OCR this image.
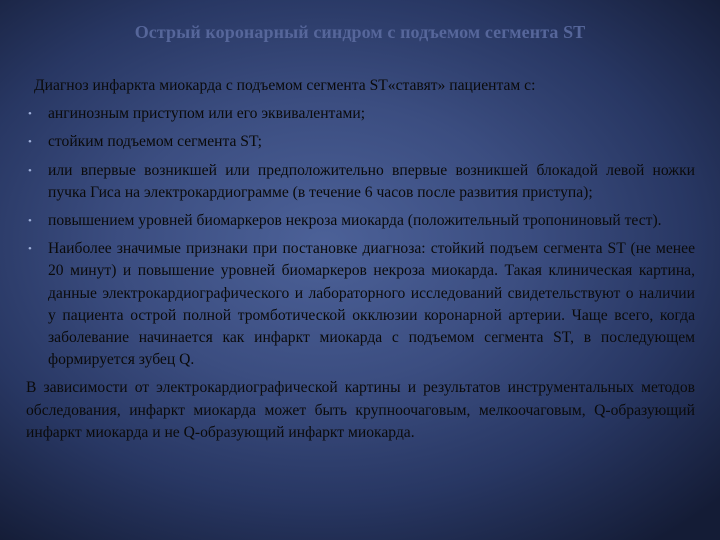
Острый коронарный синдром с подъемом сегмента ST

Диагноз инфаркта миокарда с подъемом сегмента ST«ставят» пациентам с:

• ангинозным приступом или его эквивалентами;
• стойким подъемом сегмента ST;
• или впервые возникшей или предположительно впервые возникшей блокадой левой ножки пучка Гиса на электрокардиограмме (в течение 6 часов после развития приступа);
• повышением уровней биомаркеров некроза миокарда (положительный тропониновый тест).
• Наиболее значимые признаки при постановке диагноза: стойкий подъем сегмента ST (не менее 20 минут) и повышение уровней биомаркеров некроза миокарда. Такая клиническая картина, данные электрокардиографического и лабораторного исследований свидетельствуют о наличии у пациента острой полной тромботической окклюзии коронарной артерии. Чаще всего, когда заболевание начинается как инфаркт миокарда с подъемом сегмента ST, в последующем формируется зубец Q.

В зависимости от электрокардиографической картины и результатов инструментальных методов обследования, инфаркт миокарда может быть крупноочаговым, мелкоочаговым, Q-образующий инфаркт миокарда и не Q-образующий инфаркт миокарда.
